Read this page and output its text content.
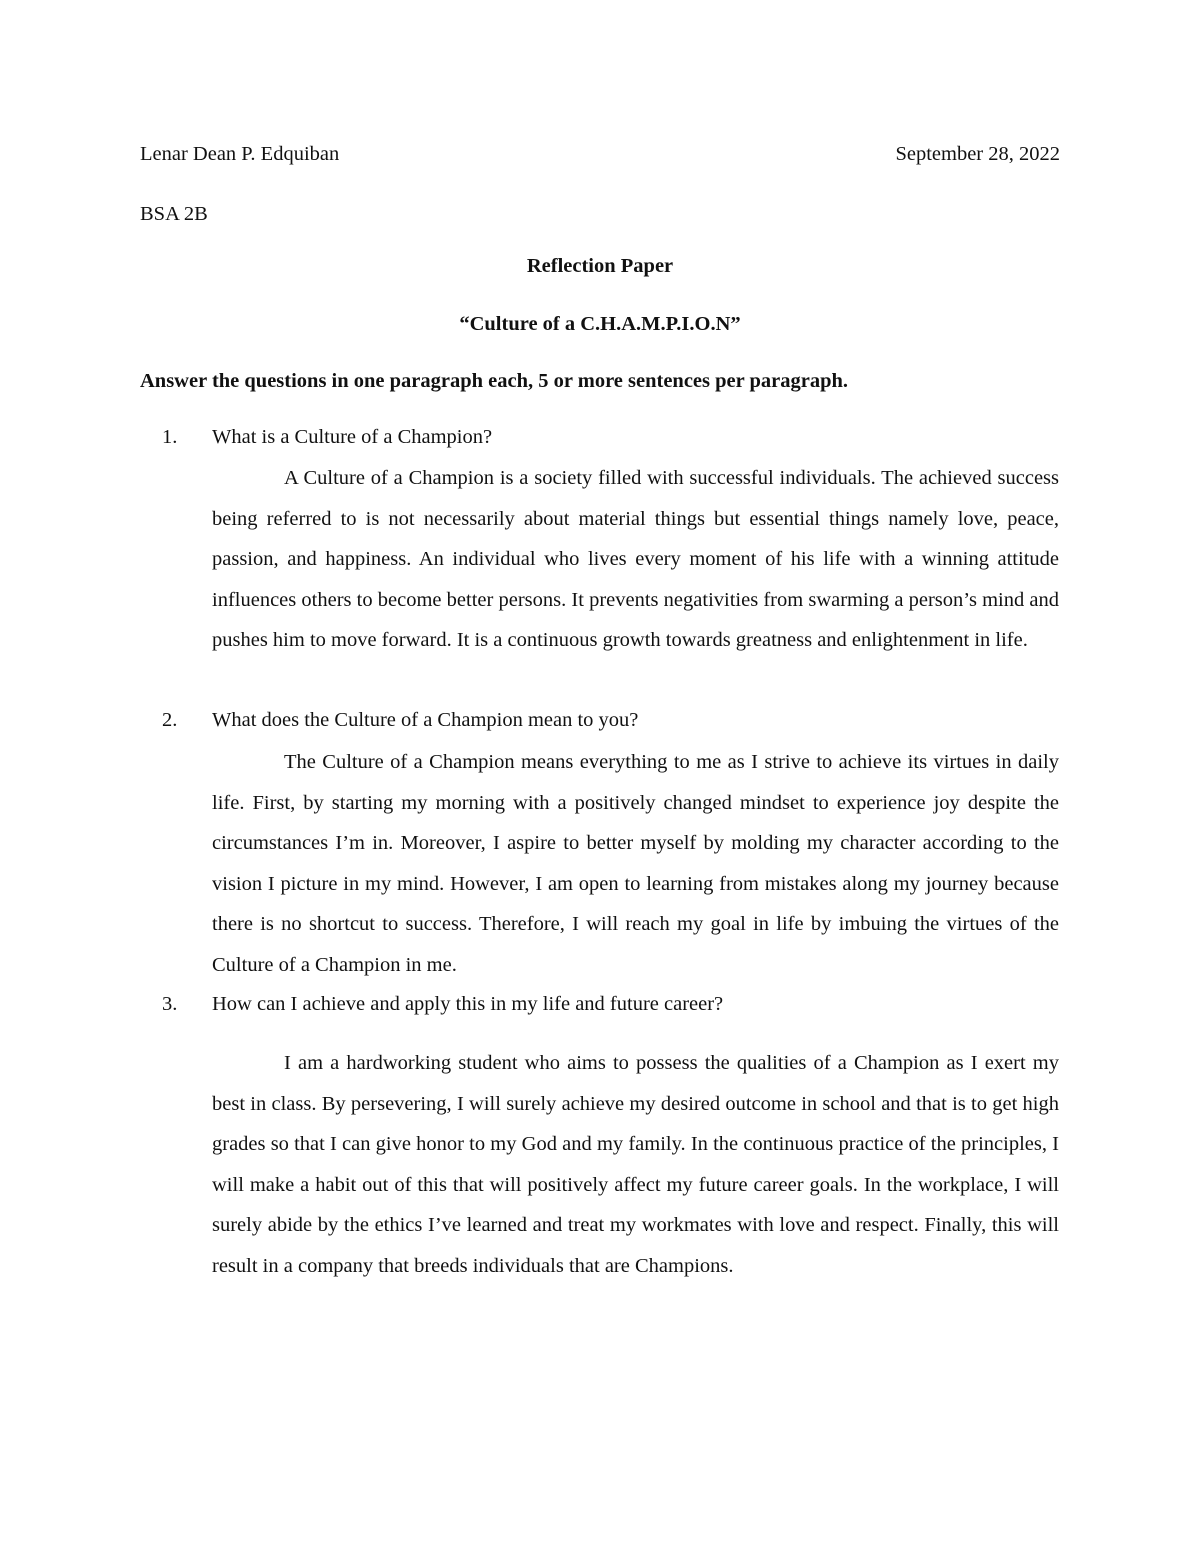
Lenar Dean P. Edquiban	September 28, 2022
BSA 2B
Reflection Paper
“Culture of a C.H.A.M.P.I.O.N”
Answer the questions in one paragraph each, 5 or more sentences per paragraph.
1. What is a Culture of a Champion?

A Culture of a Champion is a society filled with successful individuals. The achieved success being referred to is not necessarily about material things but essential things namely love, peace, passion, and happiness. An individual who lives every moment of his life with a winning attitude influences others to become better persons. It prevents negativities from swarming a person’s mind and pushes him to move forward. It is a continuous growth towards greatness and enlightenment in life.

2. What does the Culture of a Champion mean to you?

The Culture of a Champion means everything to me as I strive to achieve its virtues in daily life. First, by starting my morning with a positively changed mindset to experience joy despite the circumstances I’m in. Moreover, I aspire to better myself by molding my character according to the vision I picture in my mind. However, I am open to learning from mistakes along my journey because there is no shortcut to success. Therefore, I will reach my goal in life by imbuing the virtues of the Culture of a Champion in me.

3. How can I achieve and apply this in my life and future career?

I am a hardworking student who aims to possess the qualities of a Champion as I exert my best in class. By persevering, I will surely achieve my desired outcome in school and that is to get high grades so that I can give honor to my God and my family. In the continuous practice of the principles, I will make a habit out of this that will positively affect my future career goals. In the workplace, I will surely abide by the ethics I’ve learned and treat my workmates with love and respect. Finally, this will result in a company that breeds individuals that are Champions.
